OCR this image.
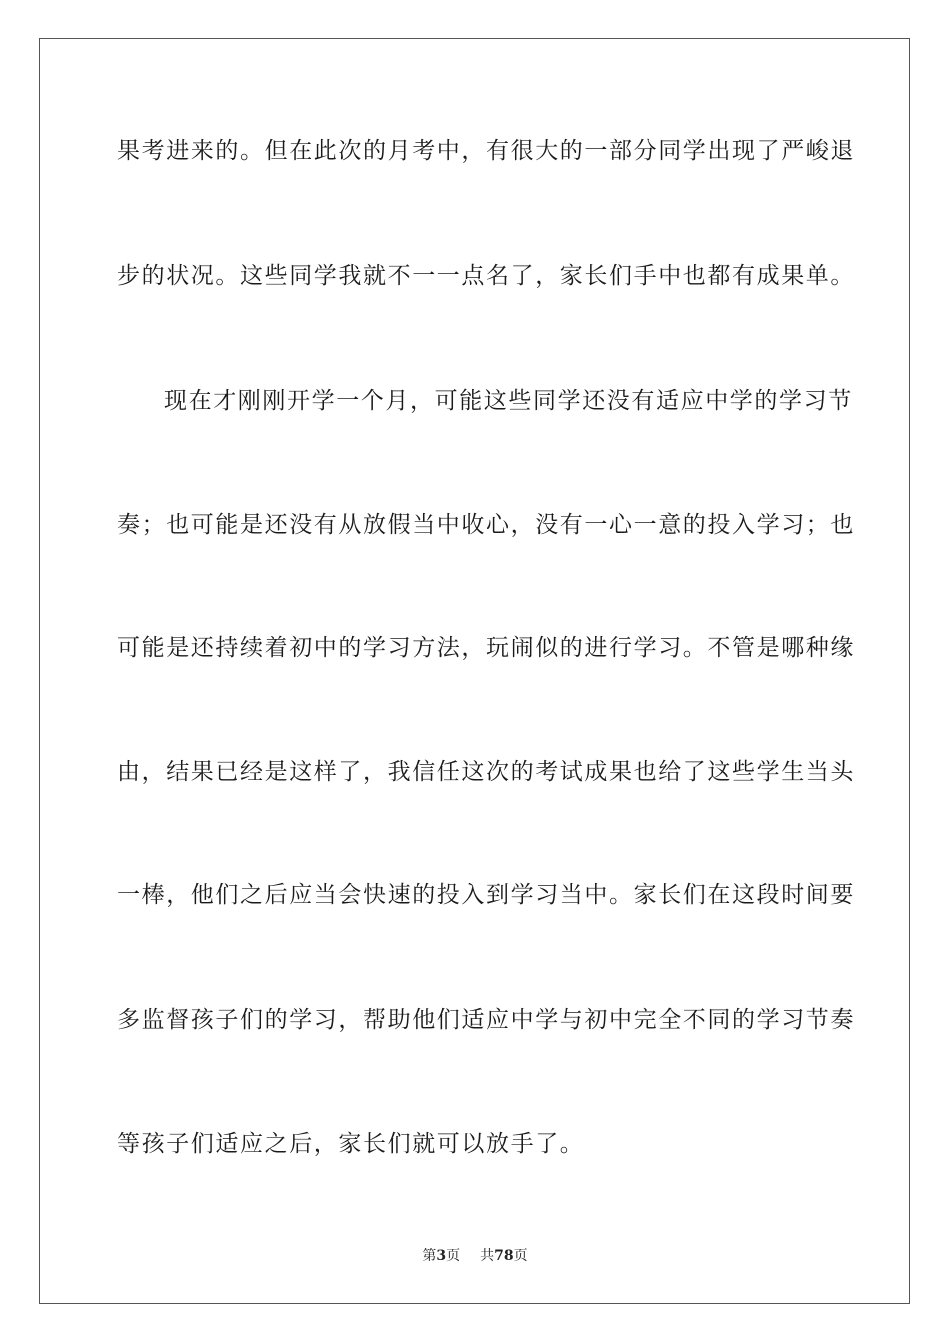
果考进来的。但在此次的月考中，有很大的一部分同学出现了严峻退
步的状况。这些同学我就不一一点名了，家长们手中也都有成果单。
现在才刚刚开学一个月，可能这些同学还没有适应中学的学习节
奏；也可能是还没有从放假当中收心，没有一心一意的投入学习；也
可能是还持续着初中的学习方法，玩闹似的进行学习。不管是哪种缘
由，结果已经是这样了，我信任这次的考试成果也给了这些学生当头
一棒，他们之后应当会快速的投入到学习当中。家长们在这段时间要
多监督孩子们的学习，帮助他们适应中学与初中完全不同的学习节奏
等孩子们适应之后，家长们就可以放手了。
第3页 共78页
